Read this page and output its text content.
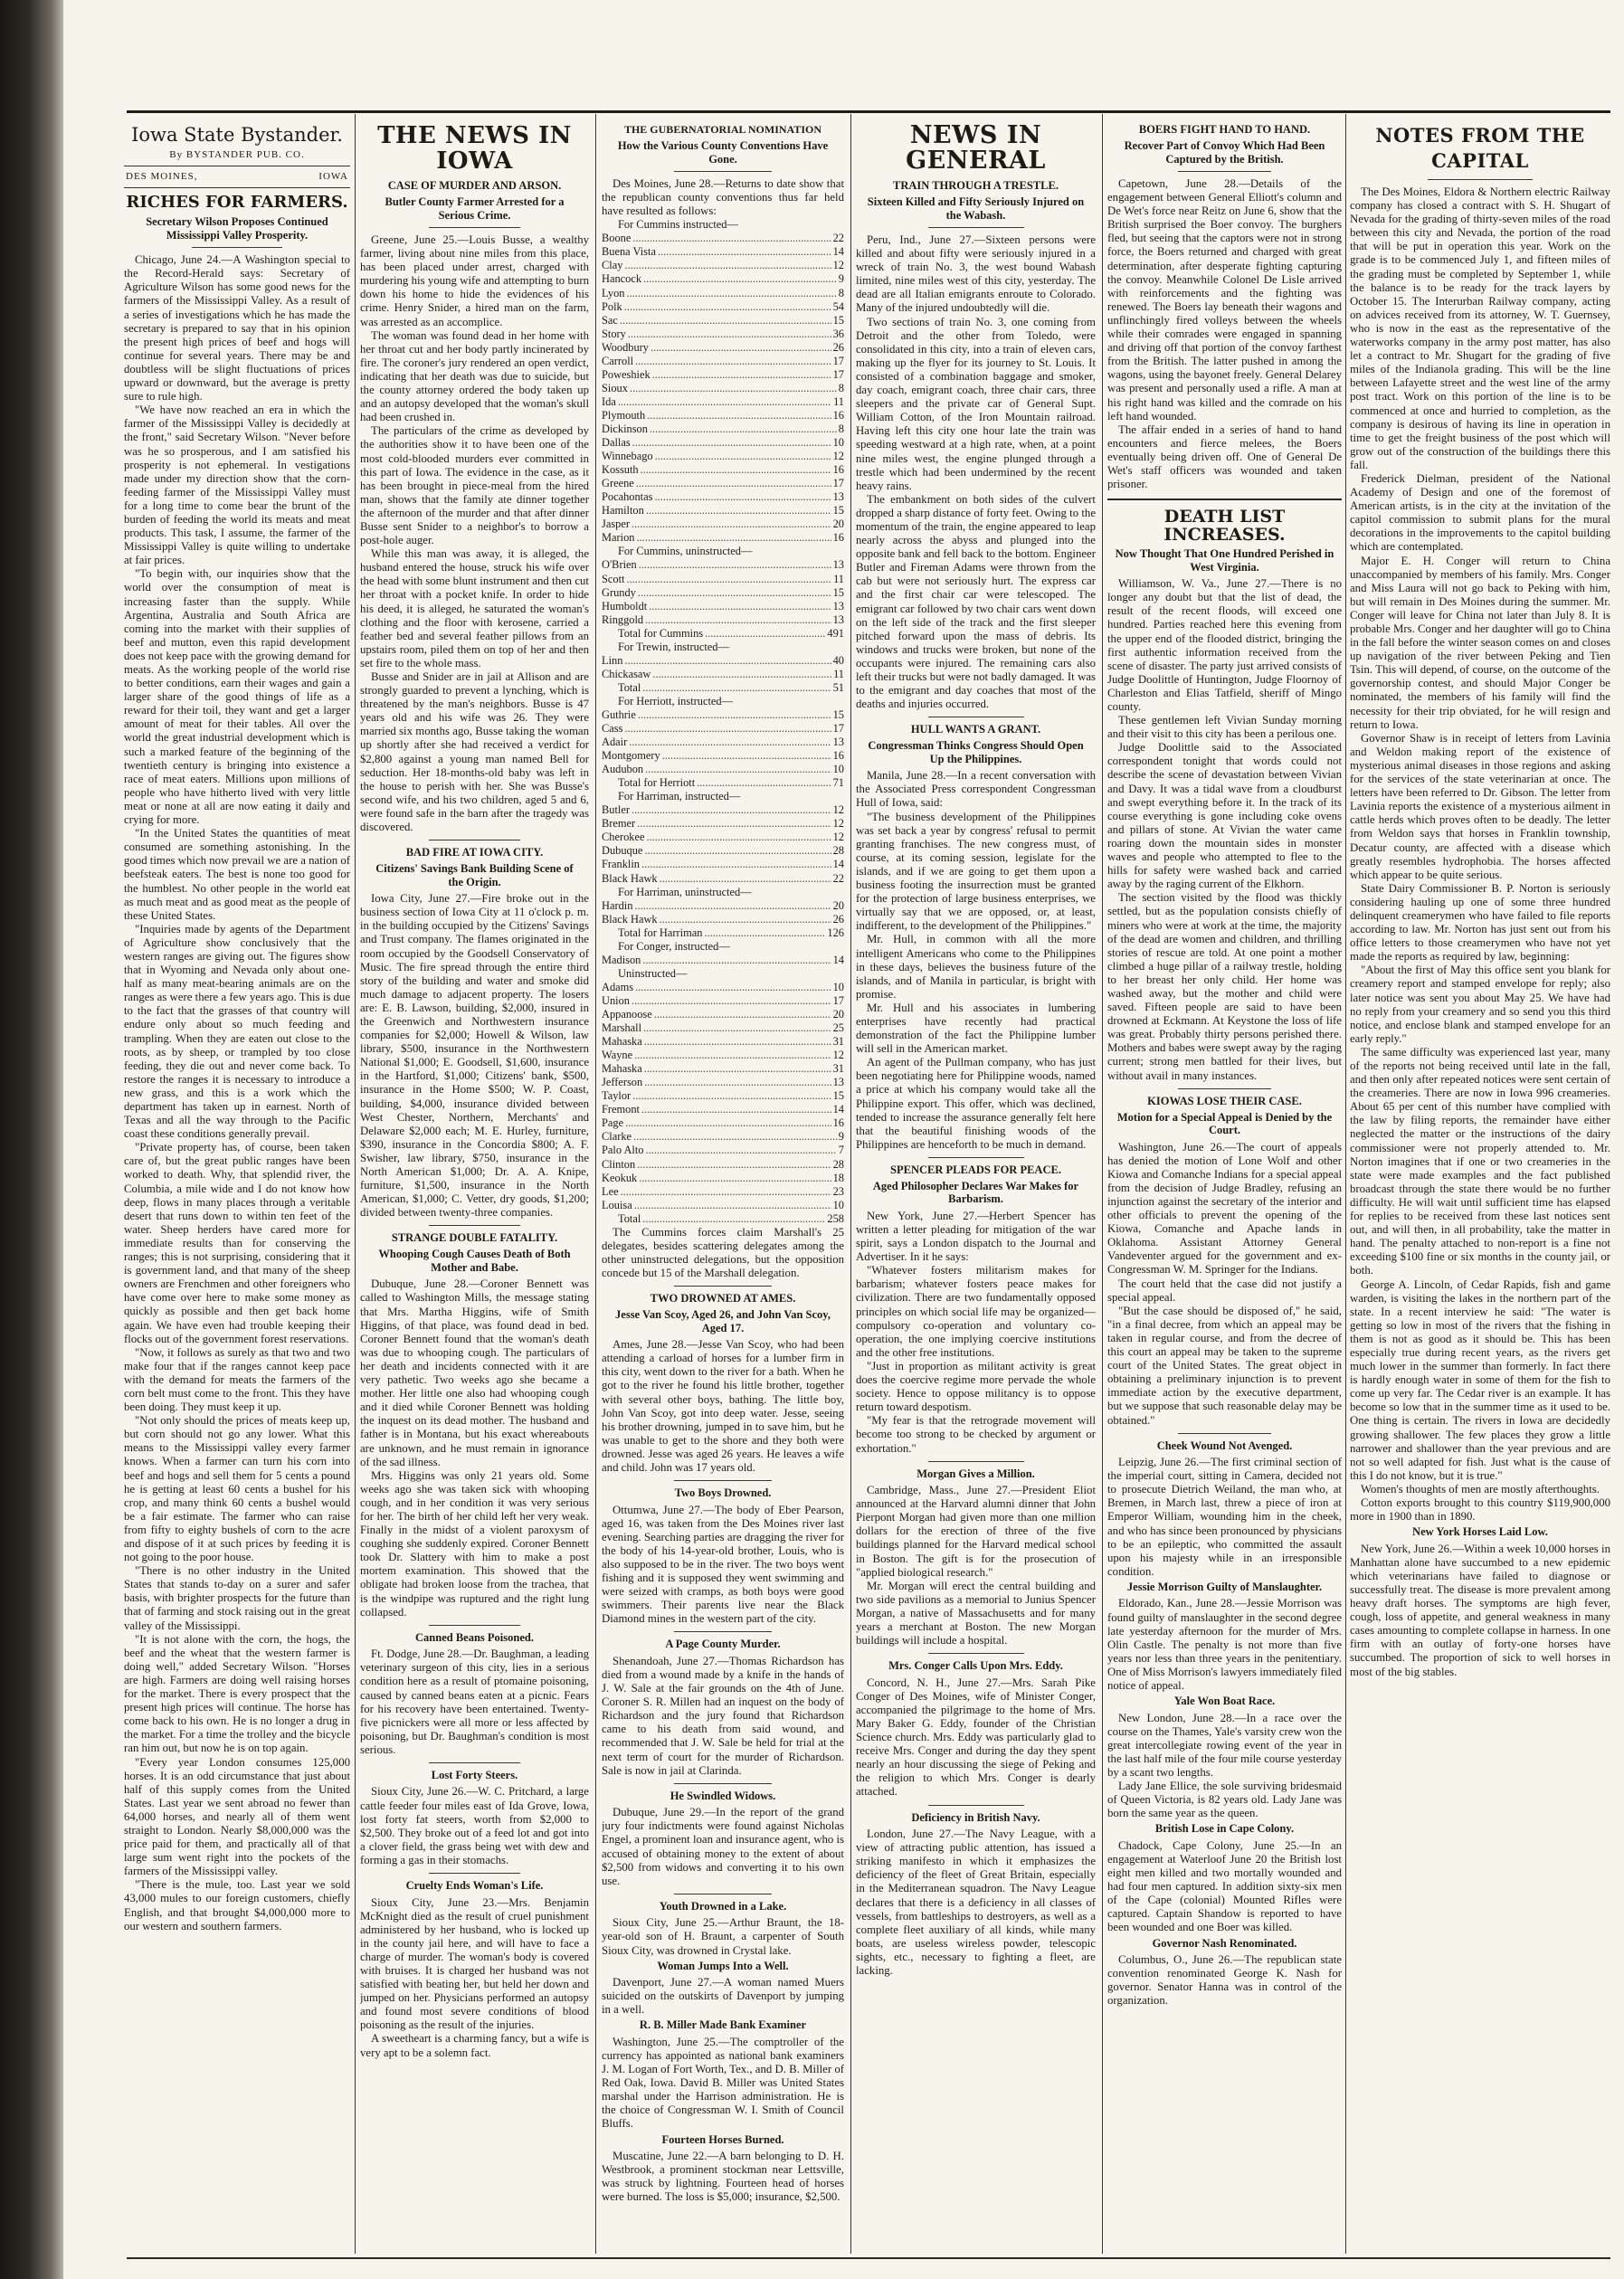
Iowa State Bystander.
By BYSTANDER PUB. CO.
DES MOINES,	IOWA
RICHES FOR FARMERS.
Secretary Wilson Proposes Continued Mississippi Valley Prosperity.

Chicago, June 24.—A Washington special to the Record-Herald says: Secretary of Agriculture Wilson has some good news for the farmers of the Mississippi Valley. As a result of a series of investigations which he has made the secretary is prepared to say that in his opinion the present high prices of beef and hogs will continue for several years. There may be and doubtless will be slight fluctuations of prices upward or downward, but the average is pretty sure to rule high.

"We have now reached an era in which the farmer of the Mississippi Valley is decidedly at the front," said Secretary Wilson. "Never before was he so prosperous, and I am satisfied his prosperity is not ephemeral. In vestigations made under my direction show that the corn-feeding farmer of the Mississippi Valley must for a long time to come bear the brunt of the burden of feeding the world its meats and meat products. This task, I assume, the farmer of the Mississippi Valley is quite willing to undertake at fair prices.

"To begin with, our inquiries show that the world over the consumption of meat is increasing faster than the supply. While Argentina, Australia and South Africa are coming into the market with their supplies of beef and mutton, even this rapid development does not keep pace with the growing demand for meats. As the working people of the world rise to better conditions, earn their wages and gain a larger share of the good things of life as a reward for their toil, they want and get a larger amount of meat for their tables. All over the world the great industrial development which is such a marked feature of the beginning of the twentieth century is bringing into existence a race of meat eaters. Millions upon millions of people who have hitherto lived with very little meat or none at all are now eating it daily and crying for more.

"In the United States the quantities of meat consumed are something astonishing. In the good times which now prevail we are a nation of beefsteak eaters. The best is none too good for the humblest. No other people in the world eat as much meat and as good meat as the people of these United States.

"Inquiries made by agents of the Department of Agriculture show conclusively that the western ranges are giving out. The figures show that in Wyoming and Nevada only about one-half as many meat-bearing animals are on the ranges as were there a few years ago. This is due to the fact that the grasses of that country will endure only about so much feeding and trampling. When they are eaten out close to the roots, as by sheep, or trampled by too close feeding, they die out and never come back. To restore the ranges it is necessary to introduce a new grass, and this is a work which the department has taken up in earnest. North of Texas and all the way through to the Pacific coast these conditions generally prevail.

"Private property has, of course, been taken care of, but the great public ranges have been worked to death. Why, that splendid river, the Columbia, a mile wide and I do not know how deep, flows in many places through a veritable desert that runs down to within ten feet of the water. Sheep herders have cared more for immediate results than for conserving the ranges; this is not surprising, considering that it is government land, and that many of the sheep owners are Frenchmen and other foreigners who have come over here to make some money as quickly as possible and then get back home again. We have even had trouble keeping their flocks out of the government forest reservations.

"Now, it follows as surely as that two and two make four that if the ranges cannot keep pace with the demand for meats the farmers of the corn belt must come to the front. This they have been doing. They must keep it up.

"Not only should the prices of meats keep up, but corn should not go any lower. What this means to the Mississippi valley every farmer knows. When a farmer can turn his corn into beef and hogs and sell them for 5 cents a pound he is getting at least 60 cents a bushel for his crop, and many think 60 cents a bushel would be a fair estimate. The farmer who can raise from fifty to eighty bushels of corn to the acre and dispose of it at such prices by feeding it is not going to the poor house.

"There is no other industry in the United States that stands to-day on a surer and safer basis, with brighter prospects for the future than that of farming and stock raising out in the great valley of the Mississippi.

"It is not alone with the corn, the hogs, the beef and the wheat that the western farmer is doing well," added Secretary Wilson. "Horses are high. Farmers are doing well raising horses for the market. There is every prospect that the present high prices will continue. The horse has come back to his own. He is no longer a drug in the market. For a time the trolley and the bicycle ran him out, but now he is on top again.

"Every year London consumes 125,000 horses. It is an odd circumstance that just about half of this supply comes from the United States. Last year we sent abroad no fewer than 64,000 horses, and nearly all of them went straight to London. Nearly $8,000,000 was the price paid for them, and practically all of that large sum went right into the pockets of the farmers of the Mississippi valley.

"There is the mule, too. Last year we sold 43,000 mules to our foreign customers, chiefly English, and that brought $4,000,000 more to our western and southern farmers.

THE NEWS IN IOWA
CASE OF MURDER AND ARSON.
Butler County Farmer Arrested for a Serious Crime.

Greene, June 25.—Louis Busse, a wealthy farmer, living about nine miles from this place, has been placed under arrest, charged with murdering his young wife and attempting to burn down his home to hide the evidences of his crime. Henry Snider, a hired man on the farm, was arrested as an accomplice.

The woman was found dead in her home with her throat cut and her body partly incinerated by fire. The coroner's jury rendered an open verdict, indicating that her death was due to suicide, but the county attorney ordered the body taken up and an autopsy developed that the woman's skull had been crushed in.

The particulars of the crime as developed by the authorities show it to have been one of the most cold-blooded murders ever committed in this part of Iowa. The evidence in the case, as it has been brought in piece-meal from the hired man, shows that the family ate dinner together the afternoon of the murder and that after dinner Busse sent Snider to a neighbor's to borrow a post-hole auger.

While this man was away, it is alleged, the husband entered the house, struck his wife over the head with some blunt instrument and then cut her throat with a pocket knife. In order to hide his deed, it is alleged, he saturated the woman's clothing and the floor with kerosene, carried a feather bed and several feather pillows from an upstairs room, piled them on top of her and then set fire to the whole mass.

Busse and Snider are in jail at Allison and are strongly guarded to prevent a lynching, which is threatened by the man's neighbors. Busse is 47 years old and his wife was 26. They were married six months ago, Busse taking the woman up shortly after she had received a verdict for $2,800 against a young man named Bell for seduction. Her 18-months-old baby was left in the house to perish with her. She was Busse's second wife, and his two children, aged 5 and 6, were found safe in the barn after the tragedy was discovered.

BAD FIRE AT IOWA CITY.
Citizens' Savings Bank Building Scene of the Origin.

Iowa City, June 27.—Fire broke out in the business section of Iowa City at 11 o'clock p. m. in the building occupied by the Citizens' Savings and Trust company. The flames originated in the room occupied by the Goodsell Conservatory of Music. The fire spread through the entire third story of the building and water and smoke did much damage to adjacent property. The losers are: E. B. Lawson, building, $2,000, insured in the Greenwich and Northwestern insurance companies for $2,000; Howell & Wilson, law library, $500, insurance in the Northwestern National $1,000; E. Goodsell, $1,600, insurance in the Hartford, $1,000; Citizens' bank, $500, insurance in the Home $500; W. P. Coast, building, $4,000, insurance divided between West Chester, Northern, Merchants' and Delaware $2,000 each; M. E. Hurley, furniture, $390, insurance in the Concordia $800; A. F. Swisher, law library, $750, insurance in the North American $1,000; Dr. A. A. Knipe, furniture, $1,500, insurance in the North American, $1,000; C. Vetter, dry goods, $1,200; divided between twenty-three companies.

STRANGE DOUBLE FATALITY.
Whooping Cough Causes Death of Both Mother and Babe.

Dubuque, June 28.—Coroner Bennett was called to Washington Mills, the message stating that Mrs. Martha Higgins, wife of Smith Higgins, of that place, was found dead in bed. Coroner Bennett found that the woman's death was due to whooping cough. The particulars of her death and incidents connected with it are very pathetic. Two weeks ago she became a mother. Her little one also had whooping cough and it died while Coroner Bennett was holding the inquest on its dead mother. The husband and father is in Montana, but his exact whereabouts are unknown, and he must remain in ignorance of the sad illness.

Mrs. Higgins was only 21 years old. Some weeks ago she was taken sick with whooping cough, and in her condition it was very serious for her. The birth of her child left her very weak. Finally in the midst of a violent paroxysm of coughing she suddenly expired. Coroner Bennett took Dr. Slattery with him to make a post mortem examination. This showed that the obligate had broken loose from the trachea, that is the windpipe was ruptured and the right lung collapsed.

Canned Beans Poisoned.

Ft. Dodge, June 28.—Dr. Baughman, a leading veterinary surgeon of this city, lies in a serious condition here as a result of ptomaine poisoning, caused by canned beans eaten at a picnic. Fears for his recovery have been entertained. Twenty-five picnickers were all more or less affected by poisoning, but Dr. Baughman's condition is most serious.

Lost Forty Steers.

Sioux City, June 26.—W. C. Pritchard, a large cattle feeder four miles east of Ida Grove, Iowa, lost forty fat steers, worth from $2,000 to $2,500. They broke out of a feed lot and got into a clover field, the grass being wet with dew and forming a gas in their stomachs.

Cruelty Ends Woman's Life.

Sioux City, June 23.—Mrs. Benjamin McKnight died as the result of cruel punishment administered by her husband, who is locked up in the county jail here, and will have to face a charge of murder. The woman's body is covered with bruises. It is charged her husband was not satisfied with beating her, but held her down and jumped on her. Physicians performed an autopsy and found most severe conditions of blood poisoning as the result of the injuries.

A sweetheart is a charming fancy, but a wife is very apt to be a solemn fact.

THE GUBERNATORIAL NOMINATION
How the Various County Conventions Have Gone.

Des Moines, June 28.—Returns to date show that the republican county conventions thus far held have resulted as follows:

For Cummins instructed—
Boone .....	22
Buena Vista .....	14
Clay .....	12
Hancock .....	9
Lyon .....	8
Polk .....	54
Sac .....	15
Story .....	36
Woodbury .....	26
Carroll .....	17
Poweshiek .....	17
Sioux .....	8
Ida .....	11
Plymouth .....	16
Dickinson .....	8
Dallas .....	10
Winnebago .....	12
Kossuth .....	16
Greene .....	17
Pocahontas .....	13
Hamilton .....	15
Jasper .....	20
Marion .....	16
For Cummins, uninstructed—
O'Brien .....	13
Scott .....	11
Grundy .....	15
Humboldt .....	13
Ringgold .....	13
Total for Cummins .....	491
For Trewin, instructed—
Linn .....	40
Chickasaw .....	11
Total .....	51
For Herriott, instructed—
Guthrie .....	15
Cass .....	17
Adair .....	13
Montgomery .....	16
Audubon .....	10
Total for Herriott .....	71
For Harriman, instructed—
Butler .....	12
Bremer .....	12
Cherokee .....	12
Dubuque .....	28
Franklin .....	14
Black Hawk .....	22
For Harriman, uninstructed—
Hardin .....	20
Black Hawk .....	26
Total for Harriman .....	126
For Conger, instructed—
Madison .....	14
Uninstructed—
Adams .....	10
Union .....	17
Appanoose .....	20
Marshall .....	25
Mahaska .....	31
Wayne .....	12
Mahaska .....	31
Jefferson .....	13
Taylor .....	15
Fremont .....	14
Page .....	16
Clarke .....	9
Palo Alto .....	7
Clinton .....	28
Keokuk .....	18
Lee .....	23
Louisa .....	10
Total .....	258

The Cummins forces claim Marshall's 25 delegates, besides scattering delegates among the other uninstructed delegations, but the opposition concede but 15 of the Marshall delegation.

TWO DROWNED AT AMES.
Jesse Van Scoy, Aged 26, and John Van Scoy, Aged 17.

Ames, June 28.—Jesse Van Scoy, who had been attending a carload of horses for a lumber firm in this city, went down to the river for a bath. When he got to the river he found his little brother, together with several other boys, bathing. The little boy, John Van Scoy, got into deep water. Jesse, seeing his brother drowning, jumped in to save him, but he was unable to get to the shore and they both were drowned. Jesse was aged 26 years. He leaves a wife and child. John was 17 years old.

Two Boys Drowned.

Ottumwa, June 27.—The body of Eber Pearson, aged 16, was taken from the Des Moines river last evening. Searching parties are dragging the river for the body of his 14-year-old brother, Louis, who is also supposed to be in the river. The two boys went fishing and it is supposed they went swimming and were seized with cramps, as both boys were good swimmers. Their parents live near the Black Diamond mines in the western part of the city.

A Page County Murder.

Shenandoah, June 27.—Thomas Richardson has died from a wound made by a knife in the hands of J. W. Sale at the fair grounds on the 4th of June. Coroner S. R. Millen had an inquest on the body of Richardson and the jury found that Richardson came to his death from said wound, and recommended that J. W. Sale be held for trial at the next term of court for the murder of Richardson. Sale is now in jail at Clarinda.

He Swindled Widows.

Dubuque, June 29.—In the report of the grand jury four indictments were found against Nicholas Engel, a prominent loan and insurance agent, who is accused of obtaining money to the extent of about $2,500 from widows and converting it to his own use.

Youth Drowned in a Lake.

Sioux City, June 25.—Arthur Braunt, the 18-year-old son of H. Braunt, a carpenter of South Sioux City, was drowned in Crystal lake.

Woman Jumps Into a Well.

Davenport, June 27.—A woman named Muers suicided on the outskirts of Davenport by jumping in a well.

R. B. Miller Made Bank Examiner

Washington, June 25.—The comptroller of the currency has appointed as national bank examiners J. M. Logan of Fort Worth, Tex., and D. B. Miller of Red Oak, Iowa. David B. Miller was United States marshal under the Harrison administration. He is the choice of Congressman W. I. Smith of Council Bluffs.

Fourteen Horses Burned.

Muscatine, June 22.—A barn belonging to D. H. Westbrook, a prominent stockman near Lettsville, was struck by lightning. Fourteen head of horses were burned. The loss is $5,000; insurance, $2,500.

NEWS IN GENERAL
TRAIN THROUGH A TRESTLE.
Sixteen Killed and Fifty Seriously Injured on the Wabash.

Peru, Ind., June 27.—Sixteen persons were killed and about fifty were seriously injured in a wreck of train No. 3, the west bound Wabash limited, nine miles west of this city, yesterday. The dead are all Italian emigrants enroute to Colorado. Many of the injured undoubtedly will die.

Two sections of train No. 3, one coming from Detroit and the other from Toledo, were consolidated in this city, into a train of eleven cars, making up the flyer for its journey to St. Louis. It consisted of a combination baggage and smoker, day coach, emigrant coach, three chair cars, three sleepers and the private car of General Supt. William Cotton, of the Iron Mountain railroad. Having left this city one hour late the train was speeding westward at a high rate, when, at a point nine miles west, the engine plunged through a trestle which had been undermined by the recent heavy rains.

The embankment on both sides of the culvert dropped a sharp distance of forty feet. Owing to the momentum of the train, the engine appeared to leap nearly across the abyss and plunged into the opposite bank and fell back to the bottom. Engineer Butler and Fireman Adams were thrown from the cab but were not seriously hurt. The express car and the first chair car were telescoped. The emigrant car followed by two chair cars went down on the left side of the track and the first sleeper pitched forward upon the mass of debris. Its windows and trucks were broken, but none of the occupants were injured. The remaining cars also left their trucks but were not badly damaged. It was to the emigrant and day coaches that most of the deaths and injuries occurred.

HULL WANTS A GRANT.
Congressman Thinks Congress Should Open Up the Philippines.

Manila, June 28.—In a recent conversation with the Associated Press correspondent Congressman Hull of Iowa, said:

"The business development of the Philippines was set back a year by congress' refusal to permit granting franchises. The new congress must, of course, at its coming session, legislate for the islands, and if we are going to get them upon a business footing the insurrection must be granted for the protection of large business enterprises, we virtually say that we are opposed, or, at least, indifferent, to the development of the Philippines."

Mr. Hull, in common with all the more intelligent Americans who come to the Philippines in these days, believes the business future of the islands, and of Manila in particular, is bright with promise.

Mr. Hull and his associates in lumbering enterprises have recently had practical demonstration of the fact the Philippine lumber will sell in the American market.

An agent of the Pullman company, who has just been negotiating here for Philippine woods, named a price at which his company would take all the Philippine export. This offer, which was declined, tended to increase the assurance generally felt here that the beautiful finishing woods of the Philippines are henceforth to be much in demand.

SPENCER PLEADS FOR PEACE.
Aged Philosopher Declares War Makes for Barbarism.

New York, June 27.—Herbert Spencer has written a letter pleading for mitigation of the war spirit, says a London dispatch to the Journal and Advertiser. In it he says:

"Whatever fosters militarism makes for barbarism; whatever fosters peace makes for civilization. There are two fundamentally opposed principles on which social life may be organized—compulsory co-operation and voluntary co-operation, the one implying coercive institutions and the other free institutions.

"Just in proportion as militant activity is great does the coercive regime more pervade the whole society. Hence to oppose militancy is to oppose return toward despotism.

"My fear is that the retrograde movement will become too strong to be checked by argument or exhortation."

Morgan Gives a Million.

Cambridge, Mass., June 27.—President Eliot announced at the Harvard alumni dinner that John Pierpont Morgan had given more than one million dollars for the erection of three of the five buildings planned for the Harvard medical school in Boston. The gift is for the prosecution of "applied biological research."

Mr. Morgan will erect the central building and two side pavilions as a memorial to Junius Spencer Morgan, a native of Massachusetts and for many years a merchant at Boston. The new Morgan buildings will include a hospital.

Mrs. Conger Calls Upon Mrs. Eddy.

Concord, N. H., June 27.—Mrs. Sarah Pike Conger of Des Moines, wife of Minister Conger, accompanied the pilgrimage to the home of Mrs. Mary Baker G. Eddy, founder of the Christian Science church. Mrs. Eddy was particularly glad to receive Mrs. Conger and during the day they spent nearly an hour discussing the siege of Peking and the religion to which Mrs. Conger is dearly attached.

Deficiency in British Navy.

London, June 27.—The Navy League, with a view of attracting public attention, has issued a striking manifesto in which it emphasizes the deficiency of the fleet of Great Britain, especially in the Mediterranean squadron. The Navy League declares that there is a deficiency in all classes of vessels, from battleships to destroyers, as well as a complete fleet auxiliary of all kinds, while many boats, are useless wireless powder, telescopic sights, etc., necessary to fighting a fleet, are lacking.

BOERS FIGHT HAND TO HAND.
Recover Part of Convoy Which Had Been Captured by the British.

Capetown, June 28.—Details of the engagement between General Elliott's column and De Wet's force near Reitz on June 6, show that the British surprised the Boer convoy. The burghers fled, but seeing that the captors were not in strong force, the Boers returned and charged with great determination, after desperate fighting capturing the convoy. Meanwhile Colonel De Lisle arrived with reinforcements and the fighting was renewed. The Boers lay beneath their wagons and unflinchingly fired volleys between the wheels while their comrades were engaged in spanning and driving off that portion of the convoy farthest from the British. The latter pushed in among the wagons, using the bayonet freely. General Delarey was present and personally used a rifle. A man at his right hand was killed and the comrade on his left hand wounded.

The affair ended in a series of hand to hand encounters and fierce melees, the Boers eventually being driven off. One of General De Wet's staff officers was wounded and taken prisoner.

DEATH LIST INCREASES.
Now Thought That One Hundred Perished in West Virginia.

Williamson, W. Va., June 27.—There is no longer any doubt but that the list of dead, the result of the recent floods, will exceed one hundred. Parties reached here this evening from the upper end of the flooded district, bringing the first authentic information received from the scene of disaster. The party just arrived consists of Judge Doolittle of Huntington, Judge Floornoy of Charleston and Elias Tatfield, sheriff of Mingo county.

These gentlemen left Vivian Sunday morning and their visit to this city has been a perilous one.

Judge Doolittle said to the Associated correspondent tonight that words could not describe the scene of devastation between Vivian and Davy. It was a tidal wave from a cloudburst and swept everything before it. In the track of its course everything is gone including coke ovens and pillars of stone. At Vivian the water came roaring down the mountain sides in monster waves and people who attempted to flee to the hills for safety were washed back and carried away by the raging current of the Elkhorn.

The section visited by the flood was thickly settled, but as the population consists chiefly of miners who were at work at the time, the majority of the dead are women and children, and thrilling stories of rescue are told. At one point a mother climbed a huge pillar of a railway trestle, holding to her breast her only child. Her home was washed away, but the mother and child were saved. Fifteen people are said to have been drowned at Eckmann. At Keystone the loss of life was great. Probably thirty persons perished there. Mothers and babes were swept away by the raging current; strong men battled for their lives, but without avail in many instances.

KIOWAS LOSE THEIR CASE.
Motion for a Special Appeal is Denied by the Court.

Washington, June 26.—The court of appeals has denied the motion of Lone Wolf and other Kiowa and Comanche Indians for a special appeal from the decision of Judge Bradley, refusing an injunction against the secretary of the interior and other officials to prevent the opening of the Kiowa, Comanche and Apache lands in Oklahoma. Assistant Attorney General Vandeventer argued for the government and ex-Congressman W. M. Springer for the Indians.

The court held that the case did not justify a special appeal.

"But the case should be disposed of," he said, "in a final decree, from which an appeal may be taken in regular course, and from the decree of this court an appeal may be taken to the supreme court of the United States. The great object in obtaining a preliminary injunction is to prevent immediate action by the executive department, but we suppose that such reasonable delay may be obtained."

Cheek Wound Not Avenged.

Leipzig, June 26.—The first criminal section of the imperial court, sitting in Camera, decided not to prosecute Dietrich Weiland, the man who, at Bremen, in March last, threw a piece of iron at Emperor William, wounding him in the cheek, and who has since been pronounced by physicians to be an epileptic, who committed the assault upon his majesty while in an irresponsible condition.

Jessie Morrison Guilty of Manslaughter.

Eldorado, Kan., June 28.—Jessie Morrison was found guilty of manslaughter in the second degree late yesterday afternoon for the murder of Mrs. Olin Castle. The penalty is not more than five years nor less than three years in the penitentiary. One of Miss Morrison's lawyers immediately filed notice of appeal.

Yale Won Boat Race.

New London, June 28.—In a race over the course on the Thames, Yale's varsity crew won the great intercollegiate rowing event of the year in the last half mile of the four mile course yesterday by a scant two lengths.

Lady Jane Ellice, the sole surviving bridesmaid of Queen Victoria, is 82 years old. Lady Jane was born the same year as the queen.

British Lose in Cape Colony.

Chadock, Cape Colony, June 25.—In an engagement at Waterloof June 20 the British lost eight men killed and two mortally wounded and had four men captured. In addition sixty-six men of the Cape (colonial) Mounted Rifles were captured. Captain Shandow is reported to have been wounded and one Boer was killed.

Governor Nash Renominated.

Columbus, O., June 26.—The republican state convention renominated George K. Nash for governor. Senator Hanna was in control of the organization.

NOTES FROM THE CAPITAL

The Des Moines, Eldora & Northern electric Railway company has closed a contract with S. H. Shugart of Nevada for the grading of thirty-seven miles of the road between this city and Nevada, the portion of the road that will be put in operation this year. Work on the grade is to be commenced July 1, and fifteen miles of the grading must be completed by September 1, while the balance is to be ready for the track layers by October 15. The Interurban Railway company, acting on advices received from its attorney, W. T. Guernsey, who is now in the east as the representative of the waterworks company in the army post matter, has also let a contract to Mr. Shugart for the grading of five miles of the Indianola grading. This will be the line between Lafayette street and the west line of the army post tract. Work on this portion of the line is to be commenced at once and hurried to completion, as the company is desirous of having its line in operation in time to get the freight business of the post which will grow out of the construction of the buildings there this fall.

Frederick Dielman, president of the National Academy of Design and one of the foremost of American artists, is in the city at the invitation of the capitol commission to submit plans for the mural decorations in the improvements to the capitol building which are contemplated.

Major E. H. Conger will return to China unaccompanied by members of his family. Mrs. Conger and Miss Laura will not go back to Peking with him, but will remain in Des Moines during the summer. Mr. Conger will leave for China not later than July 8. It is probable Mrs. Conger and her daughter will go to China in the fall before the winter season comes on and closes up navigation of the river between Peking and Tien Tsin. This will depend, of course, on the outcome of the governorship contest, and should Major Conger be nominated, the members of his family will find the necessity for their trip obviated, for he will resign and return to Iowa.

Governor Shaw is in receipt of letters from Lavinia and Weldon making report of the existence of mysterious animal diseases in those regions and asking for the services of the state veterinarian at once. The letters have been referred to Dr. Gibson. The letter from Lavinia reports the existence of a mysterious ailment in cattle herds which proves often to be deadly. The letter from Weldon says that horses in Franklin township, Decatur county, are affected with a disease which greatly resembles hydrophobia. The horses affected which appear to be quite serious.

State Dairy Commissioner B. P. Norton is seriously considering hauling up one of some three hundred delinquent creamerymen who have failed to file reports according to law. Mr. Norton has just sent out from his office letters to those creamerymen who have not yet made the reports as required by law, beginning:

"About the first of May this office sent you blank for creamery report and stamped envelope for reply; also later notice was sent you about May 25. We have had no reply from your creamery and so send you this third notice, and enclose blank and stamped envelope for an early reply."

The same difficulty was experienced last year, many of the reports not being received until late in the fall, and then only after repeated notices were sent certain of the creameries. There are now in Iowa 996 creameries. About 65 per cent of this number have complied with the law by filing reports, the remainder have either neglected the matter or the instructions of the dairy commissioner were not properly attended to. Mr. Norton imagines that if one or two creameries in the state were made examples and the fact published broadcast through the state there would be no further difficulty. He will wait until sufficient time has elapsed for replies to be received from these last notices sent out, and will then, in all probability, take the matter in hand. The penalty attached to non-report is a fine not exceeding $100 fine or six months in the county jail, or both.

George A. Lincoln, of Cedar Rapids, fish and game warden, is visiting the lakes in the northern part of the state. In a recent interview he said: "The water is getting so low in most of the rivers that the fishing in them is not as good as it should be. This has been especially true during recent years, as the rivers get much lower in the summer than formerly. In fact there is hardly enough water in some of them for the fish to come up very far. The Cedar river is an example. It has become so low that in the summer time as it used to be. One thing is certain. The rivers in Iowa are decidedly growing shallower. The few places they grow a little narrower and shallower than the year previous and are not so well adapted for fish. Just what is the cause of this I do not know, but it is true."

Women's thoughts of men are mostly afterthoughts.

Cotton exports brought to this country $119,900,000 more in 1900 than in 1890.

New York Horses Laid Low.

New York, June 26.—Within a week 10,000 horses in Manhattan alone have succumbed to a new epidemic which veterinarians have failed to diagnose or successfully treat. The disease is more prevalent among heavy draft horses. The symptoms are high fever, cough, loss of appetite, and general weakness in many cases amounting to complete collapse in harness. In one firm with an outlay of forty-one horses have succumbed. The proportion of sick to well horses in most of the big stables.
